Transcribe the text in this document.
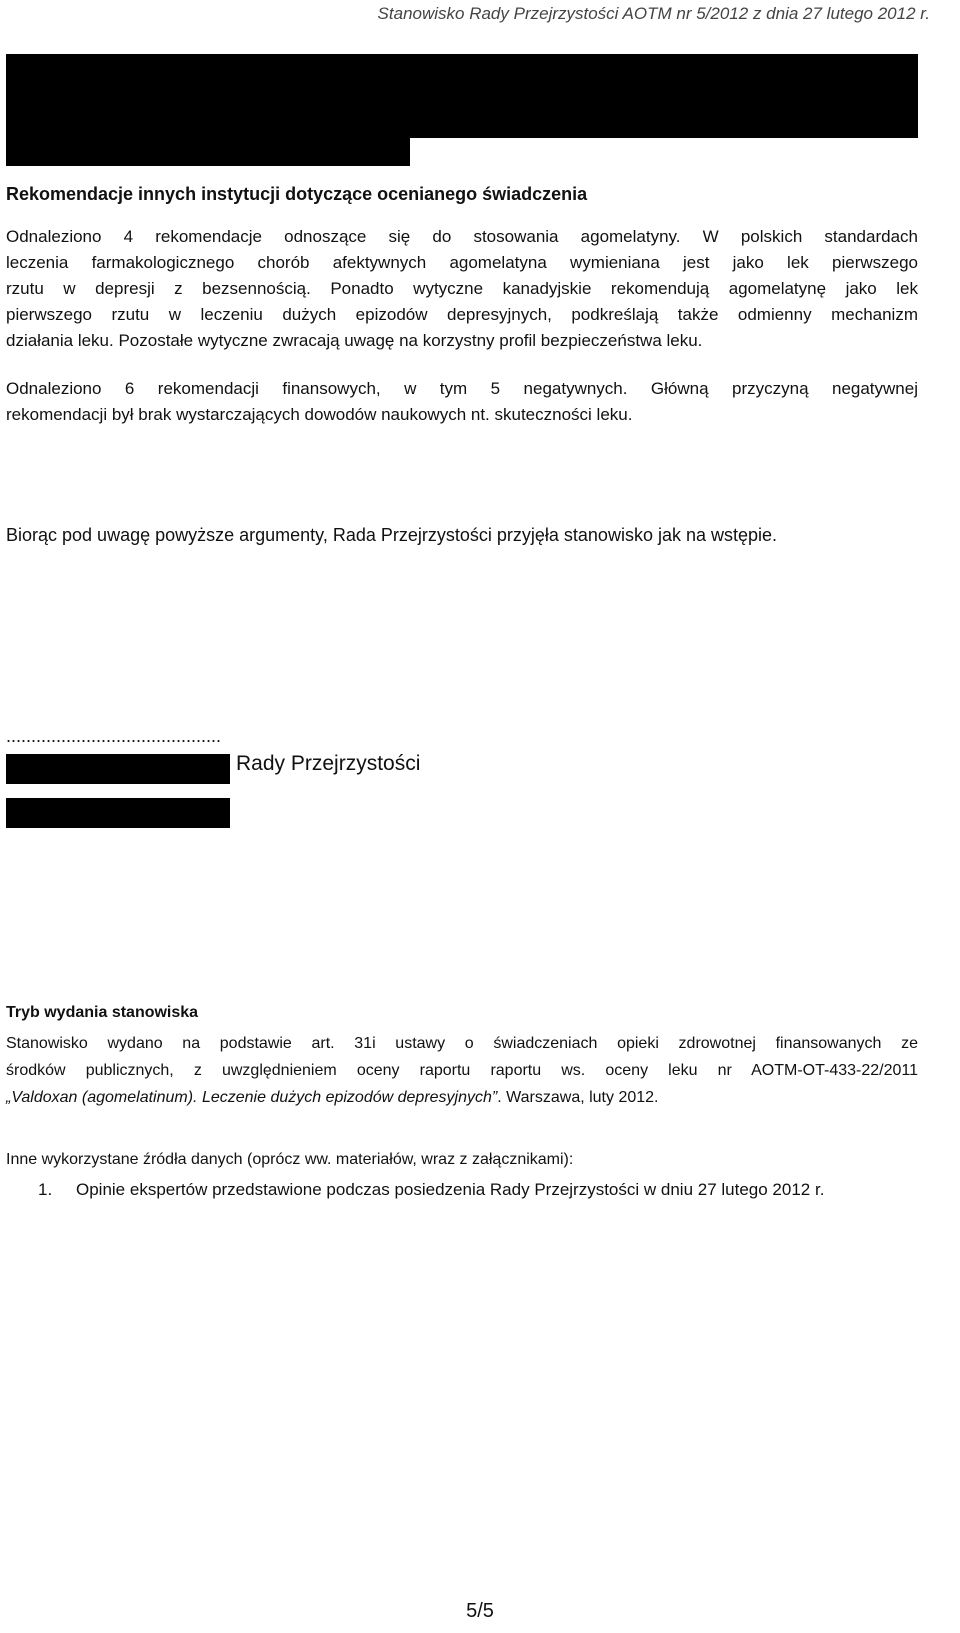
Stanowisko Rady Przejrzystości AOTM nr 5/2012 z dnia 27 lutego 2012 r.
Rekomendacje innych instytucji dotyczące ocenianego świadczenia
Odnaleziono 4 rekomendacje odnoszące się do stosowania agomelatyny. W polskich standardach
leczenia farmakologicznego chorób afektywnych agomelatyna wymieniana jest jako lek pierwszego
rzutu w depresji z bezsennością. Ponadto wytyczne kanadyjskie rekomendują agomelatynę jako lek
pierwszego rzutu w leczeniu dużych epizodów depresyjnych, podkreślają także odmienny mechanizm
działania leku. Pozostałe wytyczne zwracają uwagę na korzystny profil bezpieczeństwa leku.
Odnaleziono 6 rekomendacji finansowych, w tym 5 negatywnych. Główną przyczyną negatywnej
rekomendacji był brak wystarczających dowodów naukowych nt. skuteczności leku.
Biorąc pod uwagę powyższe argumenty, Rada Przejrzystości przyjęła stanowisko jak na wstępie.
...........................................
Rady Przejrzystości
Tryb wydania stanowiska
Stanowisko wydano na podstawie art. 31i ustawy o świadczeniach opieki zdrowotnej finansowanych ze
środków publicznych, z uwzględnieniem oceny raportu raportu ws. oceny leku nr AOTM-OT-433-22/2011
„Valdoxan (agomelatinum). Leczenie dużych epizodów depresyjnych”. Warszawa, luty 2012.
Inne wykorzystane źródła danych (oprócz ww. materiałów, wraz z załącznikami):
1. Opinie ekspertów przedstawione podczas posiedzenia Rady Przejrzystości w dniu 27 lutego 2012 r.
5/5
